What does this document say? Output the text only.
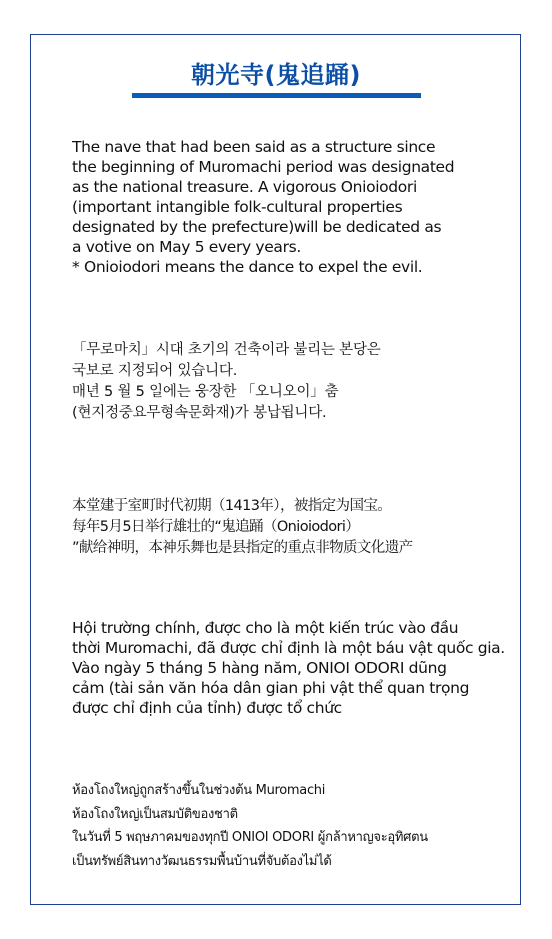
朝光寺(鬼追踊)
The nave that had been said as a structure since
the beginning of Muromachi period was designated
as the national treasure. A vigorous Onioiodori
(important intangible folk-cultural properties
designated by the prefecture)will be dedicated as
a votive on May 5 every years.
* Onioiodori means the dance to expel the evil.
「무로마치」시대 초기의 건축이라 불리는 본당은
국보로 지정되어 있습니다.
매년 5 월 5 일에는 웅장한 「오니오이」춤
(현지정중요무형속문화재)가 봉납됩니다.
本堂建于室町时代初期（1413年），被指定为国宝。
每年5月5日举行雄壮的“鬼追踊（Onioiodori）
”献给神明，本神乐舞也是县指定的重点非物质文化遗产
Hội trường chính, được cho là một kiến trúc vào đầu
thời Muromachi, đã được chỉ định là một báu vật quốc gia.
Vào ngày 5 tháng 5 hàng năm, ONIOI ODORI dũng
cảm (tài sản văn hóa dân gian phi vật thể quan trọng
được chỉ định của tỉnh) được tổ chức
ห้องโถงใหญ่ถูกสร้างขึ้นในช่วงต้น Muromachi
ห้องโถงใหญ่เป็นสมบัติของชาติ
ในวันที่ 5 พฤษภาคมของทุกปี ONIOI ODORI ผู้กล้าหาญจะอุทิศตน
เป็นทรัพย์สินทางวัฒนธรรมพื้นบ้านที่จับต้องไม่ได้
